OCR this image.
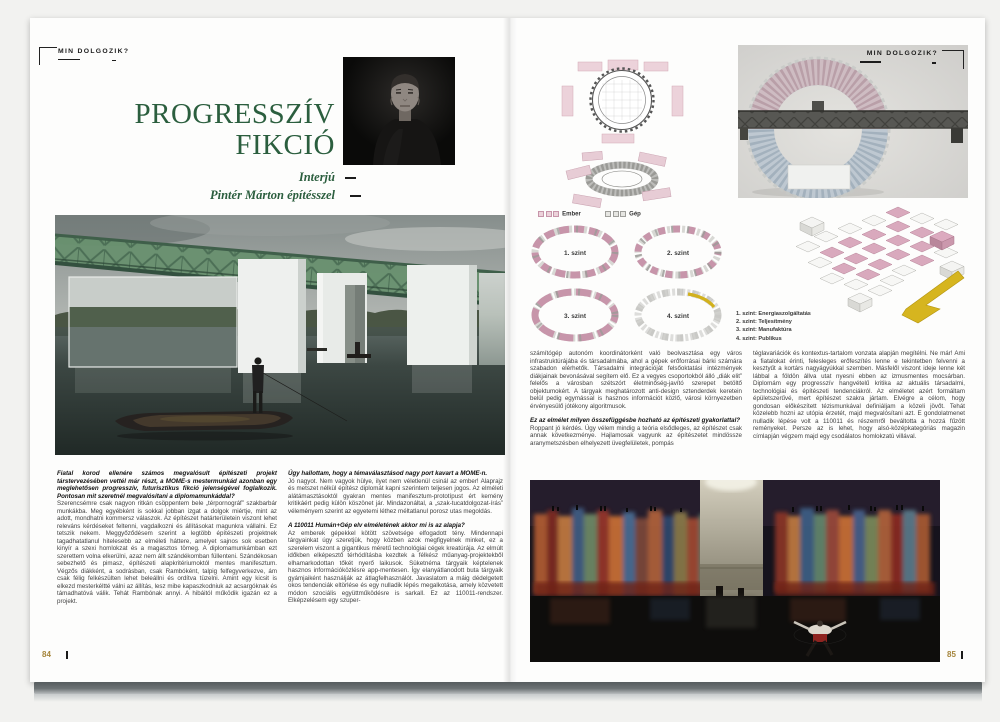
MIN DOLGOZIK?
PROGRESSZÍV
FIKCIÓ
Interjú
Pintér Márton építésszel

Fiatal korod ellenére számos megvalósult építészeti projekt társtervezésében vettél már részt, a MOME-s mestermunkád azonban egy meglehetősen progresszív, futurisztikus fikció jelenségével foglalkozik. Pontosan mit szeretnél megvalósítani a diplomamunkáddal?

Szerencsémre csak nagyon ritkán csöppentem bele „térpornográf” szakbarbár munkákba. Meg egyébként is sokkal jobban izgat a dolgok miértje, mint az adott, mondhatni kommersz válaszok. Az építészet határterületein viszont lehet releváns kérdéseket feltenni, vagdalkozni és állításokat magunkra vállalni. Ez tetszik nekem. Meggyőződésem szerint a legtöbb építészeti projektnek tagadhatatlanul hitelesebb az elméleti háttere, amelyet sajnos sok esetben kinyír a szexi homlokzat és a magasztos tömeg. A diplomamunkámban ezt szerettem volna elkerülni, azaz nem állt szándékomban füllenteni. Szándékosan sebezhető és pimasz, építészeti alapkritériumoktól mentes manifesztum. Végzős diákként, a sodrásban, csak Rambóként, talpig felfegyverkezve, ám csak félig felkészülten lehet beleállni és ordítva tüzelni. Amint egy kicsit is elkezd mesterkéltté válni az állítás, lesz mibe kapaszkodniuk az acsargóknak és támadhatóvá válik. Tehát Rambónak annyi. A hibáitól működik igazán ez a projekt.

Úgy hallottam, hogy a témaválasztásod nagy port kavart a MOME-n.

Jó nagyot. Nem vagyok hülye, ilyet nem véletlenül csinál az ember! Alaprajz és metszet nélkül építész diplomát kapni szerintem teljesen jogos. Az elméleti alátámasztásoktól gyakran mentes manifesztum-prototípust ért kemény kritikáért pedig külön köszönet jár. Mindazonáltal, a „szak-tucatdolgozat-írás” véleményem szerint az egyetemi léthez méltatlanul porosz utas megoldás.

A 110011 Humán+Gép elv elméletének akkor mi is az alapja?

Az emberek gépekkel kötött szövetsége elfogadott tény. Mindennapi tárgyainkat úgy szeretjük, hogy közben azok megfigyelnek minket, ez a szerelem viszont a gigantikus méretű technológiai cégek kreatúrája. Az elmúlt időkben elképesztő térhódításba kezdtek a félkész műanyag-projektekből elhamarkodottan tőkét nyerő laikusok. Süketnéma tárgyaik képtelenek hasznos információközlésre app-mentesen. Így elanyátlanodott buta tárgyaik gyámjaiként használják az átlagfelhasználót. Javaslatom a máig dédelgetett okos tendenciák eltörlése és egy nulladik lépés megalkotása, amely közvetett módon szociális együttműködésre is sarkall. Ez az 110011-rendszer. Elképzelésem egy szuper-

84
MIN DOLGOZIK?
Ember	Gép
1. szint	2. szint
3. szint	4. szint	1. szint: Energiaszolgáltatás
2. szint: Teljesítmény
3. szint: Manufaktúra
4. szint: Publikus

számítógép autonóm koordinátorként való beolvasztása egy város infrastruktúrájába és társadalmába, ahol a gépek erőforrásai bárki számára szabadon elérhetők. Társadalmi integrációját felsőoktatási intézmények diákjainak bevonásával segítem elő. Ez a vegyes csoportokból álló „diák elit” felelős a városban szétszórt életminőség-javító szerepet betöltő objektumokért. A tárgyak meghatározott anti-design sztenderdek keretein belül pedig egymással is hasznos információt közlő, városi környezetben érvényesülő jótékony algoritmusok.

Ez az elmélet milyen összefüggésbe hozható az építészeti gyakorlattal?

Roppant jó kérdés. Úgy vélem mindig a teória elsődleges, az építészet csak annak következménye. Hajlamosak vagyunk az építészetet mindössze aranymetszésben elhelyezett üvegfelületek, pompás

téglavariációk és kontextus-tartalom vonzata alapján megítélni. Ne már! Ami a fiatalokat érinti, felesleges erőfeszítés lenne e tekintetben felvenni a kesztyűt a kortárs nagyágyúkkal szemben. Másfelől viszont ideje lenne két lábbal a földön állva utat nyesni ebben az izmusmentes mocsárban. Diplomám egy progresszív hangvételű kritika az aktuális társadalmi, technológiai és építészeti tendenciákról. Az elméletet azért formáltam épületszerűvé, mert építészet szakra jártam. Elvégre a célom, hogy gondosan előkészített tézismunkával definiáljam a közeli jövőt. Tehát közelebb hozni az utópia érzetét, majd megvalósítani azt. E gondolatmenet nulladik lépése volt a 110011 és részemről beváltotta a hozzá fűzött reményeket. Persze az is lehet, hogy alsó-középkategóriás magazin címlapján végzem majd egy csodálatos homlokzatú villával.

85
